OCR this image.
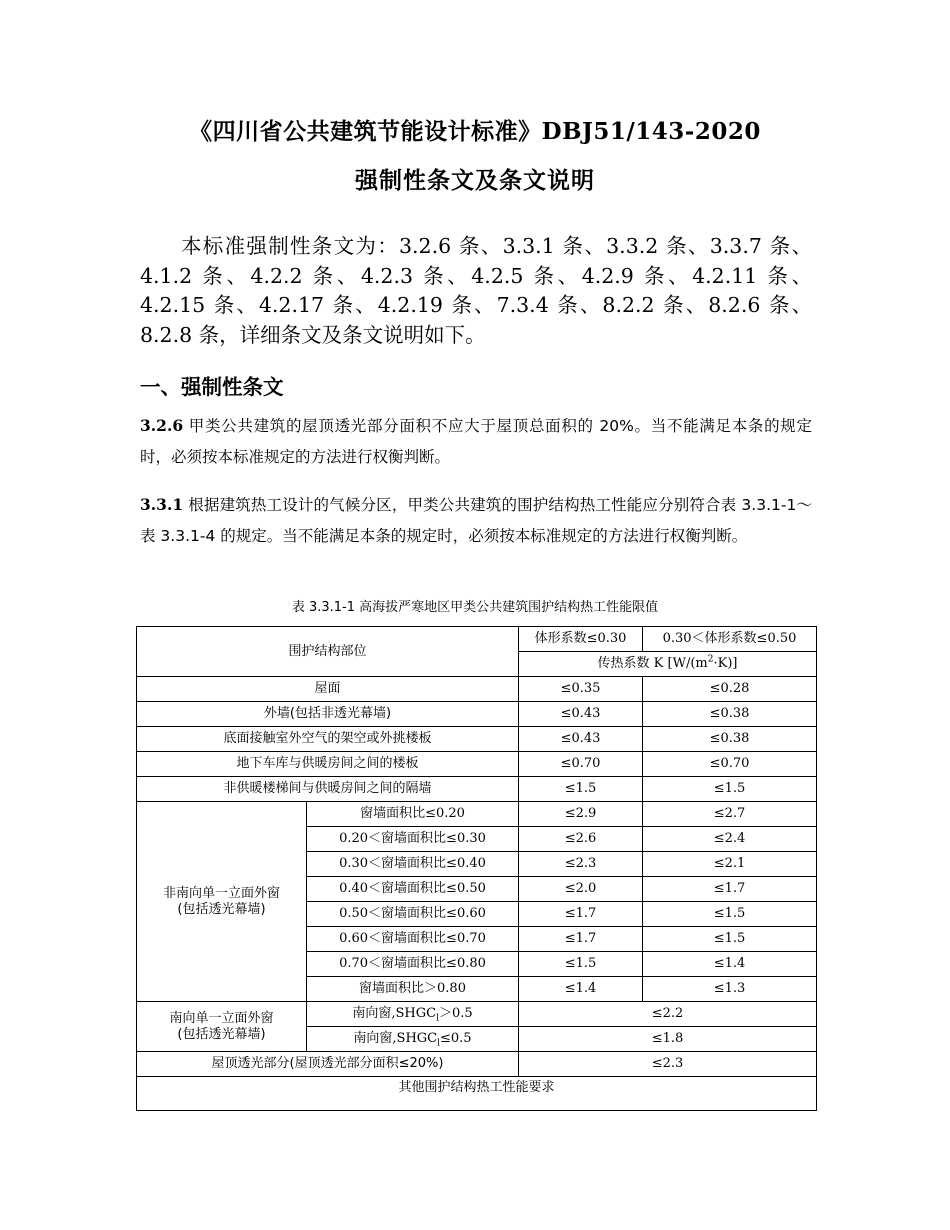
《四川省公共建筑节能设计标准》DBJ51/143-2020
强制性条文及条文说明
本标准强制性条文为：3.2.6 条、3.3.1 条、3.3.2 条、3.3.7 条、4.1.2 条、4.2.2 条、4.2.3 条、4.2.5 条、4.2.9 条、4.2.11 条、4.2.15 条、4.2.17 条、4.2.19 条、7.3.4 条、8.2.2 条、8.2.6 条、8.2.8 条，详细条文及条文说明如下。
一、强制性条文
3.2.6 甲类公共建筑的屋顶透光部分面积不应大于屋顶总面积的 20%。当不能满足本条的规定时，必须按本标准规定的方法进行权衡判断。
3.3.1 根据建筑热工设计的气候分区，甲类公共建筑的围护结构热工性能应分别符合表 3.3.1-1～表 3.3.1-4 的规定。当不能满足本条的规定时，必须按本标准规定的方法进行权衡判断。
表 3.3.1-1 高海拔严寒地区甲类公共建筑围护结构热工性能限值
围护结构部位		体形系数≤0.30	0.30＜体形系数≤0.50
		传热系数 K $[W/(m^2\cdot K)]$	
屋面		≤0.35	≤0.28
外墙(包括非透光幕墙)		≤0.43	≤0.38
底面接触室外空气的架空或外挑楼板		≤0.43	≤0.38
地下车库与供暖房间之间的楼板		≤0.70	≤0.70
非供暖楼梯间与供暖房间之间的隔墙		≤1.5	≤1.5
非南向单一立面外窗
(包括透光幕墙)	窗墙面积比≤0.20	≤2.9	≤2.7
	0.20＜窗墙面积比≤0.30	≤2.6	≤2.4
	0.30＜窗墙面积比≤0.40	≤2.3	≤2.1
	0.40＜窗墙面积比≤0.50	≤2.0	≤1.7
	0.50＜窗墙面积比≤0.60	≤1.7	≤1.5
	0.60＜窗墙面积比≤0.70	≤1.7	≤1.5
	0.70＜窗墙面积比≤0.80	≤1.5	≤1.4
	窗墙面积比＞0.80	≤1.4	≤1.3
南向单一立面外窗
(包括透光幕墙)	南向窗$,SHGC_l>0.5$	≤2.2	
	南向窗$,SHGC_l\le 0.5$	≤1.8	
屋顶透光部分(屋顶透光部分面积≤20%)		≤2.3	
其他围护结构热工性能要求			
